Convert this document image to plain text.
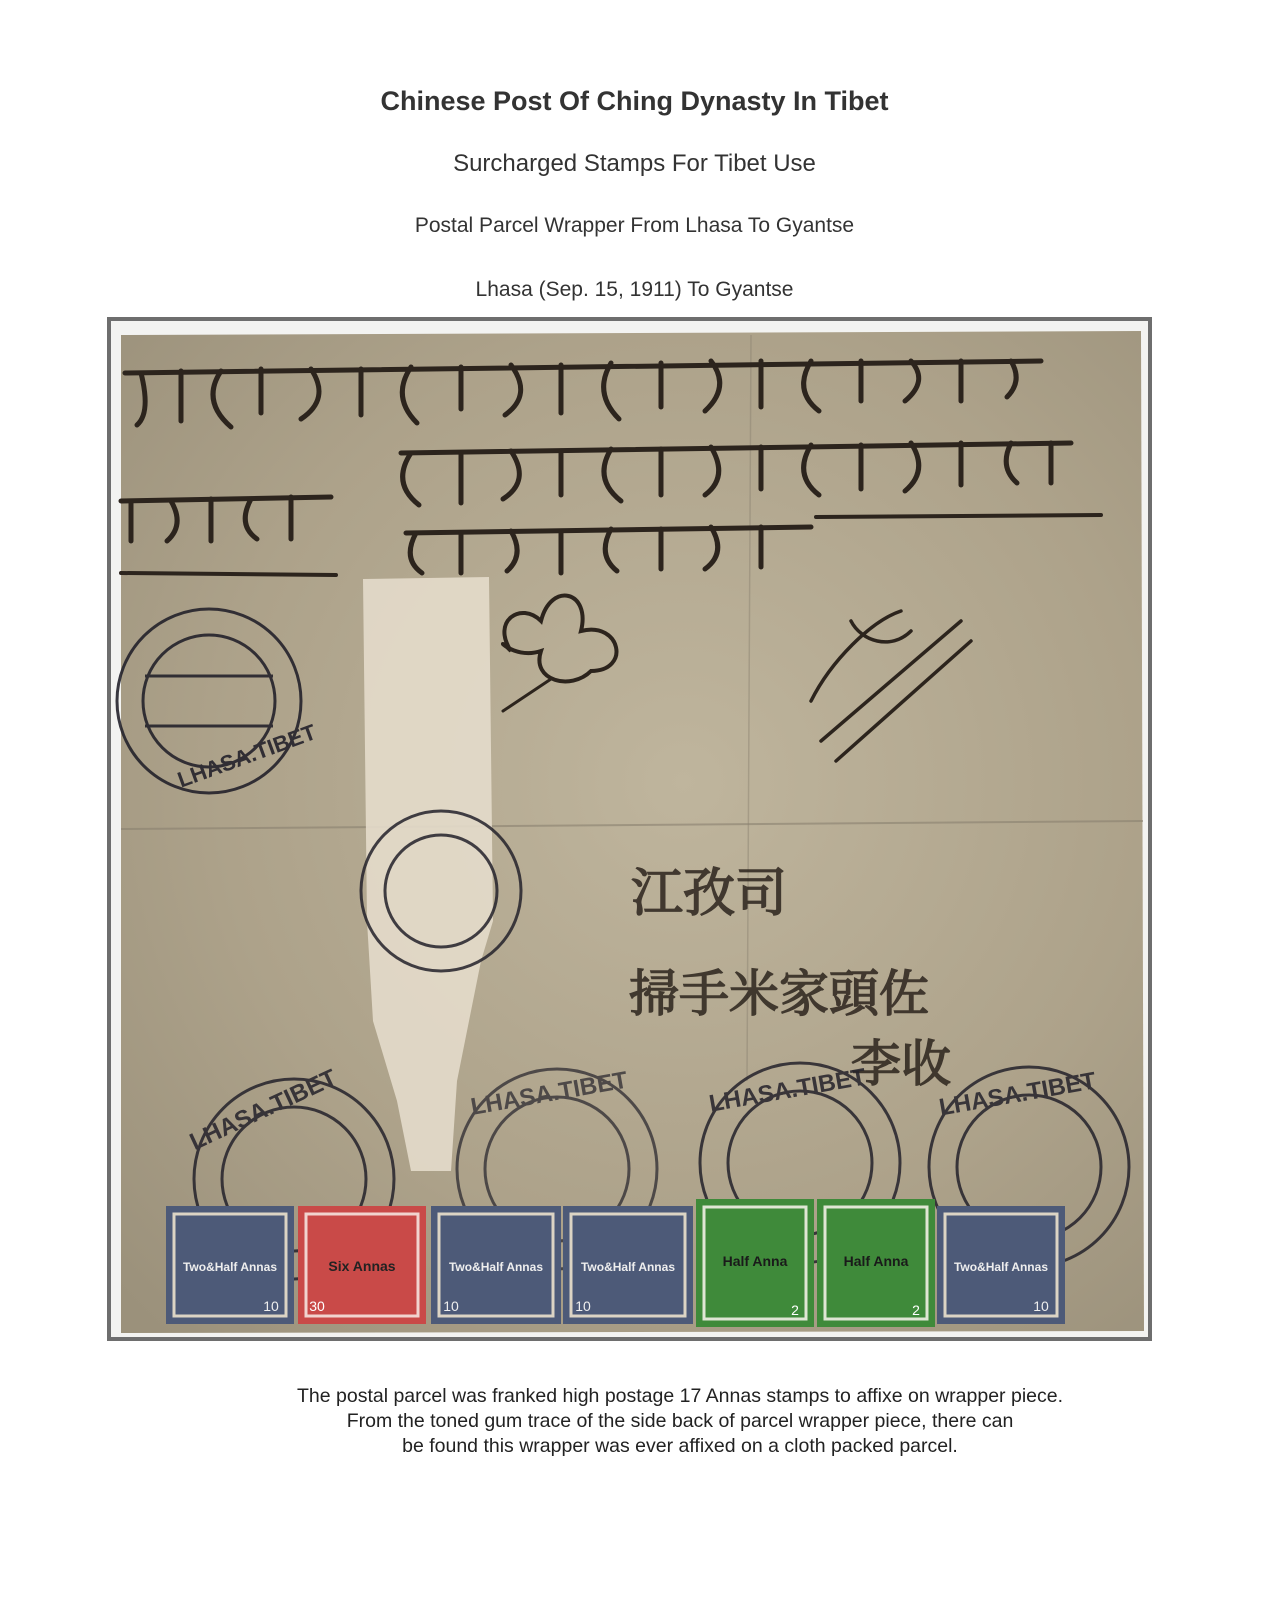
Chinese Post Of Ching Dynasty In Tibet
Surcharged Stamps For Tibet Use
Postal Parcel Wrapper From Lhasa To Gyantse
Lhasa (Sep. 15, 1911) To Gyantse
江孜司
掃手米家頭佐
李收
LHASA.TIBET
LHASA.TIBET	LHASA.TIBET	LHASA.TIBET	LHASA.TIBET
Two&Half Annas
10
Six Annas
30
Two&Half Annas
10
Two&Half Annas
10
Half Anna
2
Half Anna
2
Two&Half Annas
10
The postal parcel was franked high postage 17 Annas stamps to affixe on wrapper piece.
From the toned gum trace of the side back of parcel wrapper piece, there can
be found this wrapper was ever affixed on a cloth packed parcel.
